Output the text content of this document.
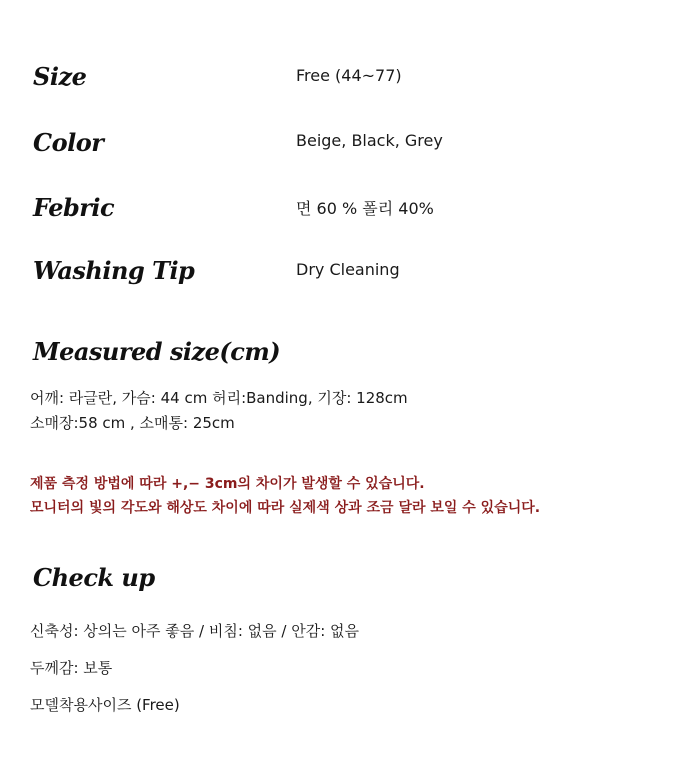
Size	Free (44~77)
Color	Beige, Black, Grey
Febric	면 60 % 폴리 40%
Washing Tip	Dry Cleaning
Measured size(cm)
어깨: 라글란, 가슴: 44 cm 허리:Banding, 기장: 128cm
소매장:58 cm , 소매통: 25cm
제품 측정 방법에 따라 +,− 3cm의 차이가 발생할 수 있습니다.
모니터의 빛의 각도와 해상도 차이에 따라 실제색 상과 조금 달라 보일 수 있습니다.
Check up
신축성: 상의는 아주 좋음 / 비침: 없음 / 안감: 없음
두께감: 보통
모델착용사이즈 (Free)
